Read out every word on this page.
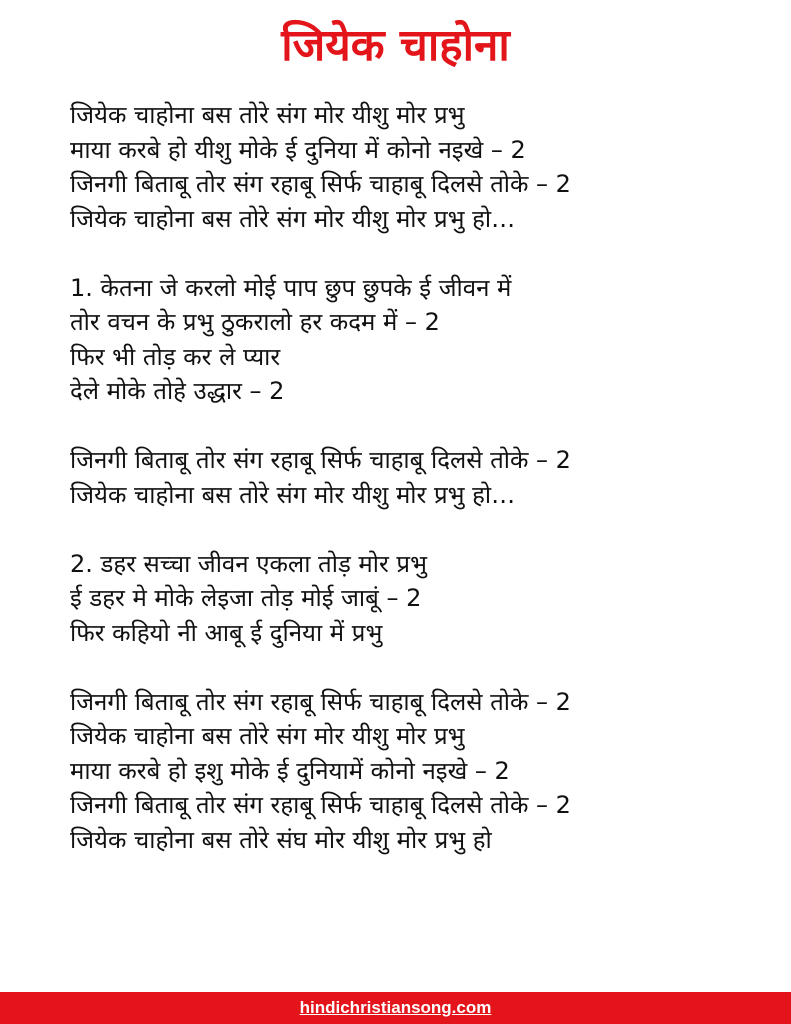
जियेक चाहोना
जियेक चाहोना बस तोरे संग मोर यीशु मोर प्रभु
माया करबे हो यीशु मोके ई दुनिया में कोनो नइखे – 2
जिनगी बिताबू तोर संग रहाबू सिर्फ चाहाबू दिलसे तोके – 2
जियेक चाहोना बस तोरे संग मोर यीशु मोर प्रभु हो…
1. केतना जे करलो मोई पाप छुप छुपके ई जीवन में
तोर वचन के प्रभु ठुकरालो हर कदम में – 2
फिर भी तोड़ कर ले प्यार
देले मोके तोहे उद्धार – 2
जिनगी बिताबू तोर संग रहाबू सिर्फ चाहाबू दिलसे तोके – 2
जियेक चाहोना बस तोरे संग मोर यीशु मोर प्रभु हो…
2. डहर सच्चा जीवन एकला तोड़ मोर प्रभु
ई डहर मे मोके लेइजा तोड़ मोई जाबूं – 2
फिर कहियो नी आबू ई दुनिया में प्रभु
जिनगी बिताबू तोर संग रहाबू सिर्फ चाहाबू दिलसे तोके – 2
जियेक चाहोना बस तोरे संग मोर यीशु मोर प्रभु
माया करबे हो इशु मोके ई दुनियामें कोनो नइखे – 2
जिनगी बिताबू तोर संग रहाबू सिर्फ चाहाबू दिलसे तोके – 2
जियेक चाहोना बस तोरे संघ मोर यीशु मोर प्रभु हो
hindichristiansong.com
